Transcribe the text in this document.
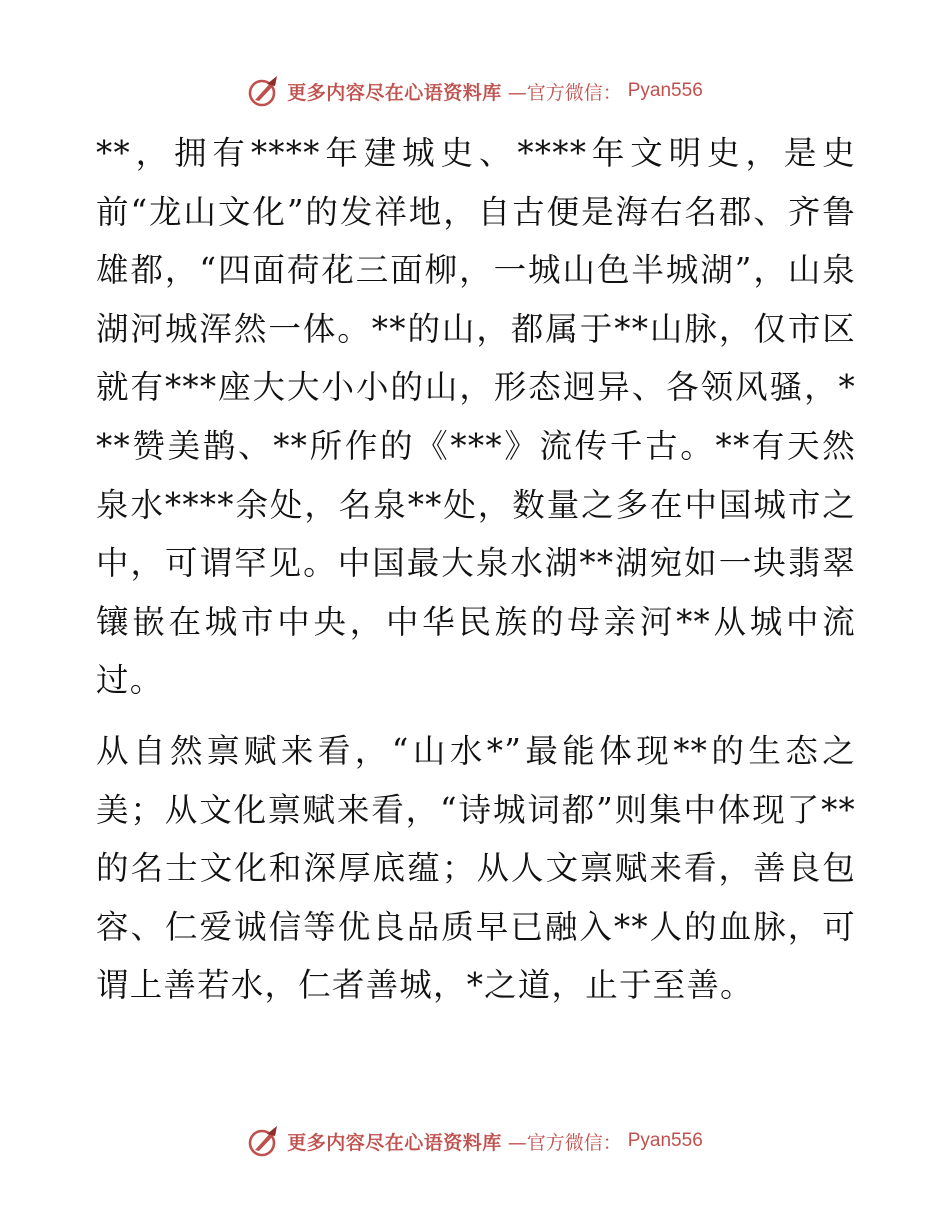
更多内容尽在心语资料库 —官方微信： Pyan556

**，拥有****年建城史、****年文明史，是史前“龙山文化”的发祥地，自古便是海右名郡、齐鲁雄都，“四面荷花三面柳，一城山色半城湖”，山泉湖河城浑然一体。**的山，都属于**山脉，仅市区就有***座大大小小的山，形态迥异、各领风骚，***赞美鹊、**所作的《***》流传千古。**有天然泉水****余处，名泉**处，数量之多在中国城市之中，可谓罕见。中国最大泉水湖**湖宛如一块翡翠镶嵌在城市中央，中华民族的母亲河**从城中流过。

从自然禀赋来看，“山水*”最能体现**的生态之美；从文化禀赋来看，“诗城词都”则集中体现了**的名士文化和深厚底蕴；从人文禀赋来看，善良包容、仁爱诚信等优良品质早已融入**人的血脉，可谓上善若水，仁者善城，*之道，止于至善。

更多内容尽在心语资料库 —官方微信： Pyan556
